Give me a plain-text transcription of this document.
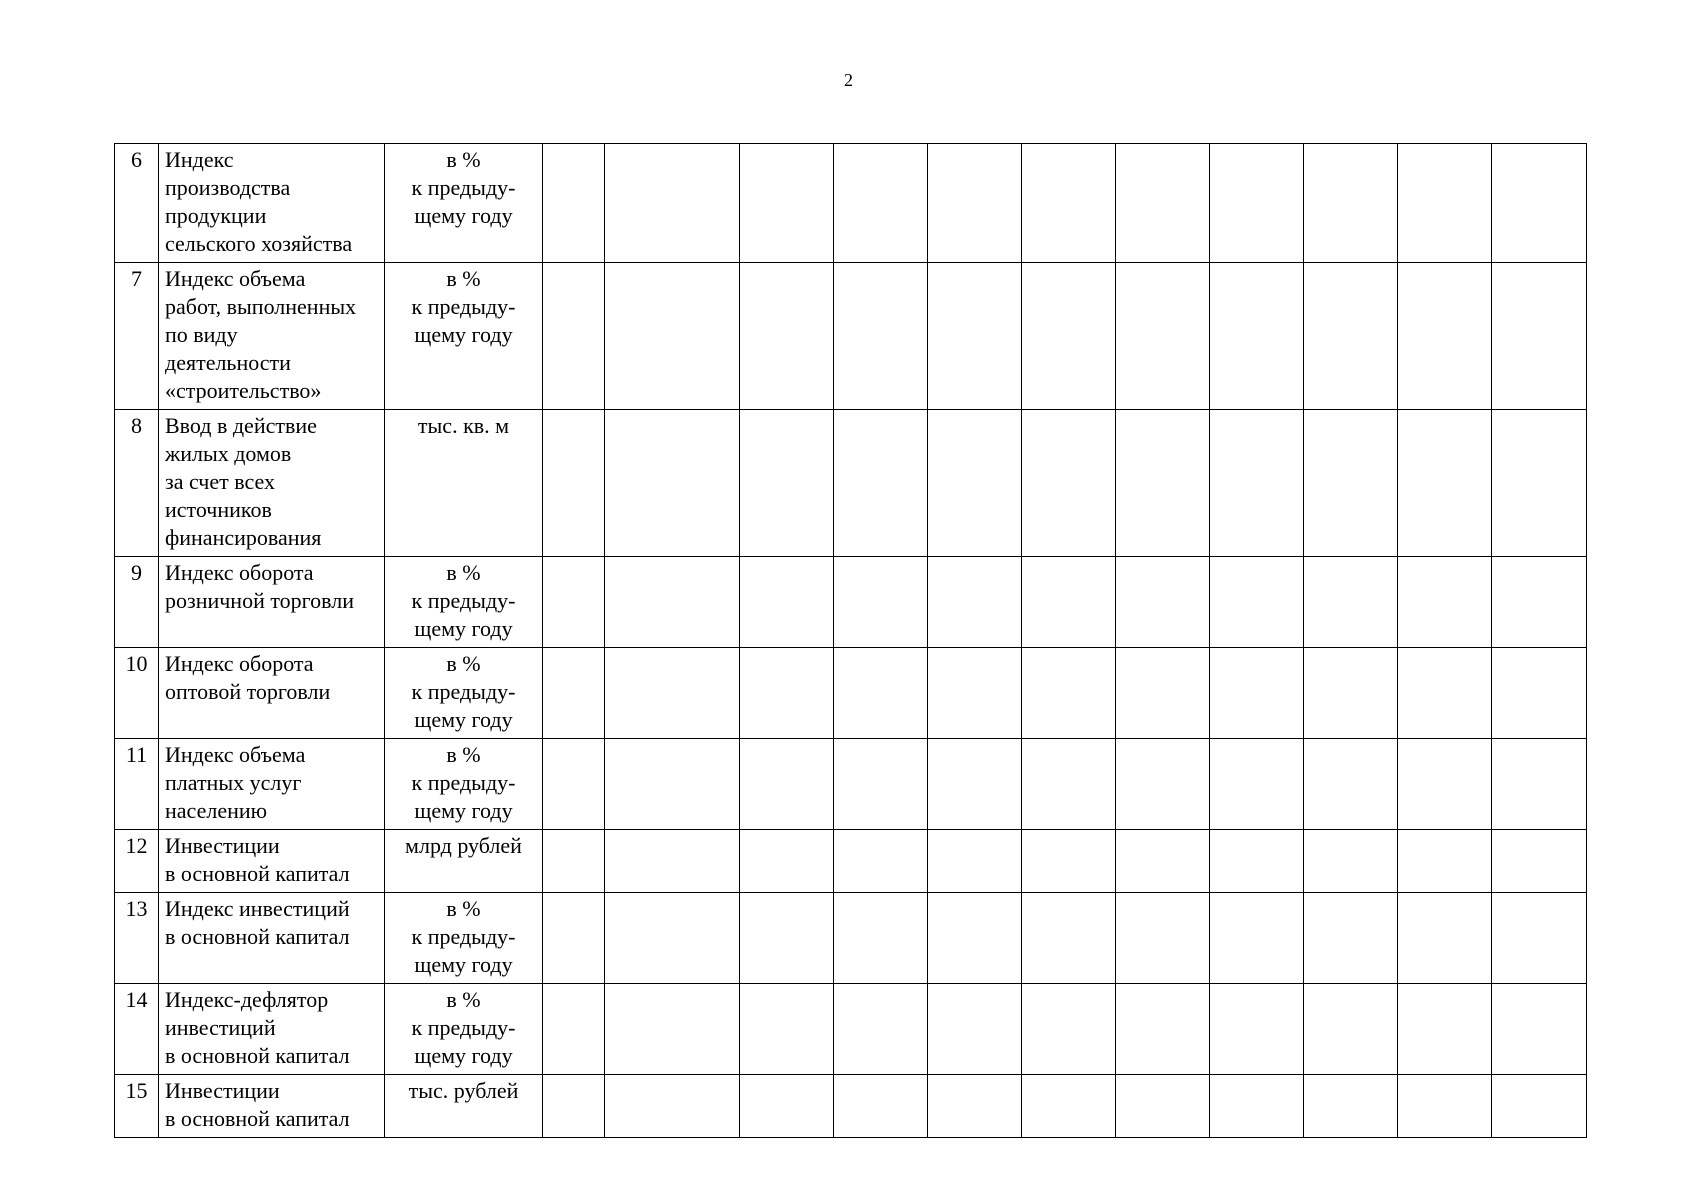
2
6	Индекс
производства
продукции
сельского хозяйства	в %
к предыду-
щему году											
7	Индекс объема
работ, выполненных
по виду
деятельности
«строительство»	в %
к предыду-
щему году											
8	Ввод в действие
жилых домов
за счет всех
источников
финансирования	тыс. кв. м											
9	Индекс оборота
розничной торговли	в %
к предыду-
щему году											
10	Индекс оборота
оптовой торговли	в %
к предыду-
щему году											
11	Индекс объема
платных услуг
населению	в %
к предыду-
щему году											
12	Инвестиции
в основной капитал	млрд рублей											
13	Индекс инвестиций
в основной капитал	в %
к предыду-
щему году											
14	Индекс-дефлятор
инвестиций
в основной капитал	в %
к предыду-
щему году											
15	Инвестиции
в основной капитал	тыс. рублей											
